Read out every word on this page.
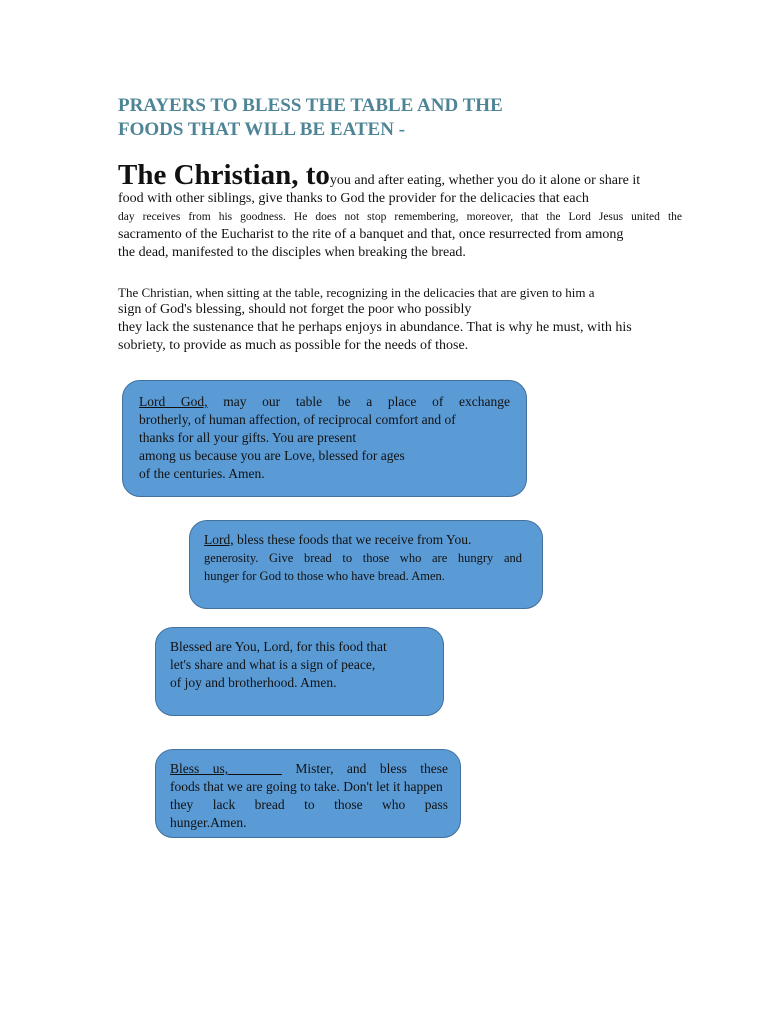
PRAYERS TO BLESS THE TABLE AND THE
FOODS THAT WILL BE EATEN -

The Christian, toyou and after eating, whether you do it alone or share it
food with other siblings, give thanks to God the provider for the delicacies that each
day receives from his goodness. He does not stop remembering, moreover, that the Lord Jesus united the
sacramento of the Eucharist to the rite of a banquet and that, once resurrected from among
the dead, manifested to the disciples when breaking the bread.

The Christian, when sitting at the table, recognizing in the delicacies that are given to him a
sign of God's blessing, should not forget the poor who possibly
they lack the sustenance that he perhaps enjoys in abundance. That is why he must, with his
sobriety, to provide as much as possible for the needs of those.

Lord God, may our table be a place of exchange
brotherly, of human affection, of reciprocal comfort and of
thanks for all your gifts. You are present
among us because you are Love, blessed for ages
of the centuries. Amen.
Lord, bless these foods that we receive from You.
generosity. Give bread to those who are hungry and
hunger for God to those who have bread. Amen.
Blessed are You, Lord, for this food that
let's share and what is a sign of peace,
of joy and brotherhood. Amen.
Bless us,	Mister, and bless these
foods that we are going to take. Don't let it happen
they lack bread to those who pass
hunger.Amen.
